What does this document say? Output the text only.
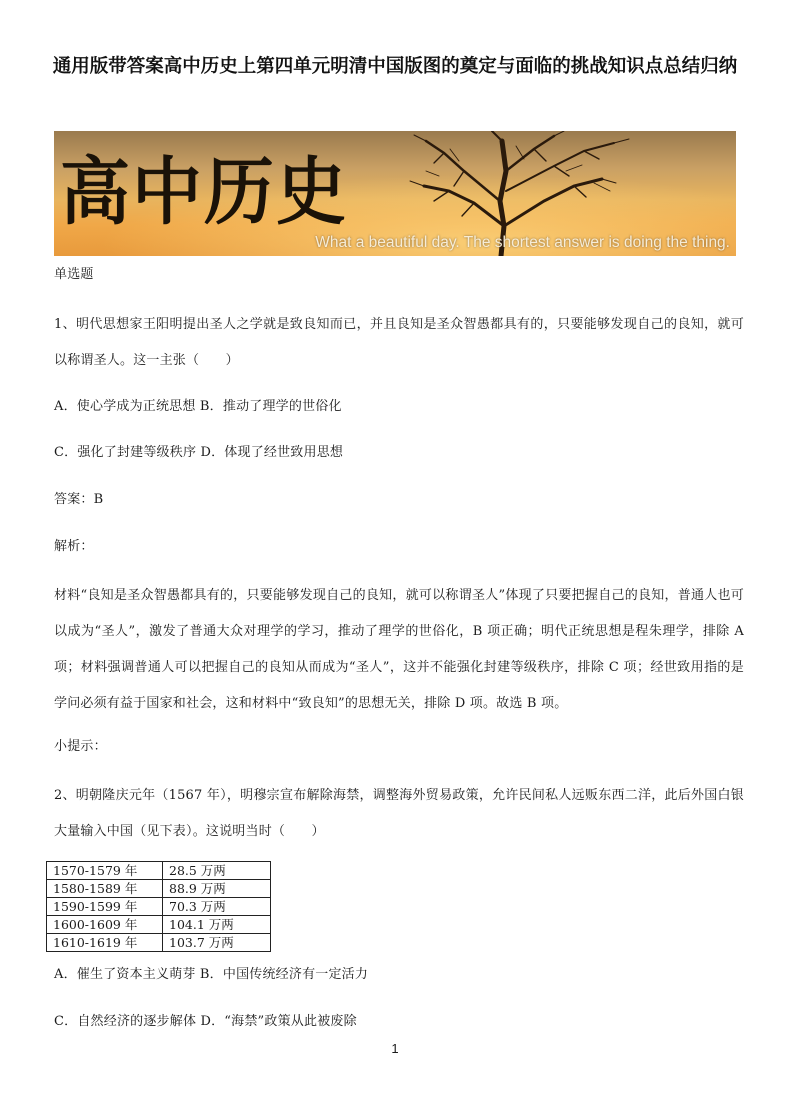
通用版带答案高中历史上第四单元明清中国版图的奠定与面临的挑战知识点总结归纳
高中历史
What a beautiful day. The shortest answer is doing the thing.
单选题
1、明代思想家王阳明提出圣人之学就是致良知而已，并且良知是圣众智愚都具有的，只要能够发现自己的良知，就可以称谓圣人。这一主张（　　）
A．使心学成为正统思想 B．推动了理学的世俗化
C．强化了封建等级秩序 D．体现了经世致用思想
答案：B
解析：
材料“良知是圣众智愚都具有的，只要能够发现自己的良知，就可以称谓圣人”体现了只要把握自己的良知，普通人也可以成为“圣人”，激发了普通大众对理学的学习，推动了理学的世俗化，B 项正确；明代正统思想是程朱理学，排除 A 项；材料强调普通人可以把握自己的良知从而成为“圣人”，这并不能强化封建等级秩序，排除 C 项；经世致用指的是学问必须有益于国家和社会，这和材料中“致良知”的思想无关，排除 D 项。故选 B 项。
小提示：
2、明朝隆庆元年（1567 年），明穆宗宣布解除海禁，调整海外贸易政策，允许民间私人远贩东西二洋，此后外国白银大量输入中国（见下表）。这说明当时（　　）
1570-1579 年	28.5 万两
1580-1589 年	88.9 万两
1590-1599 年	70.3 万两
1600-1609 年	104.1 万两
1610-1619 年	103.7 万两
A．催生了资本主义萌芽 B．中国传统经济有一定活力
C．自然经济的逐步解体 D．“海禁”政策从此被废除
1
